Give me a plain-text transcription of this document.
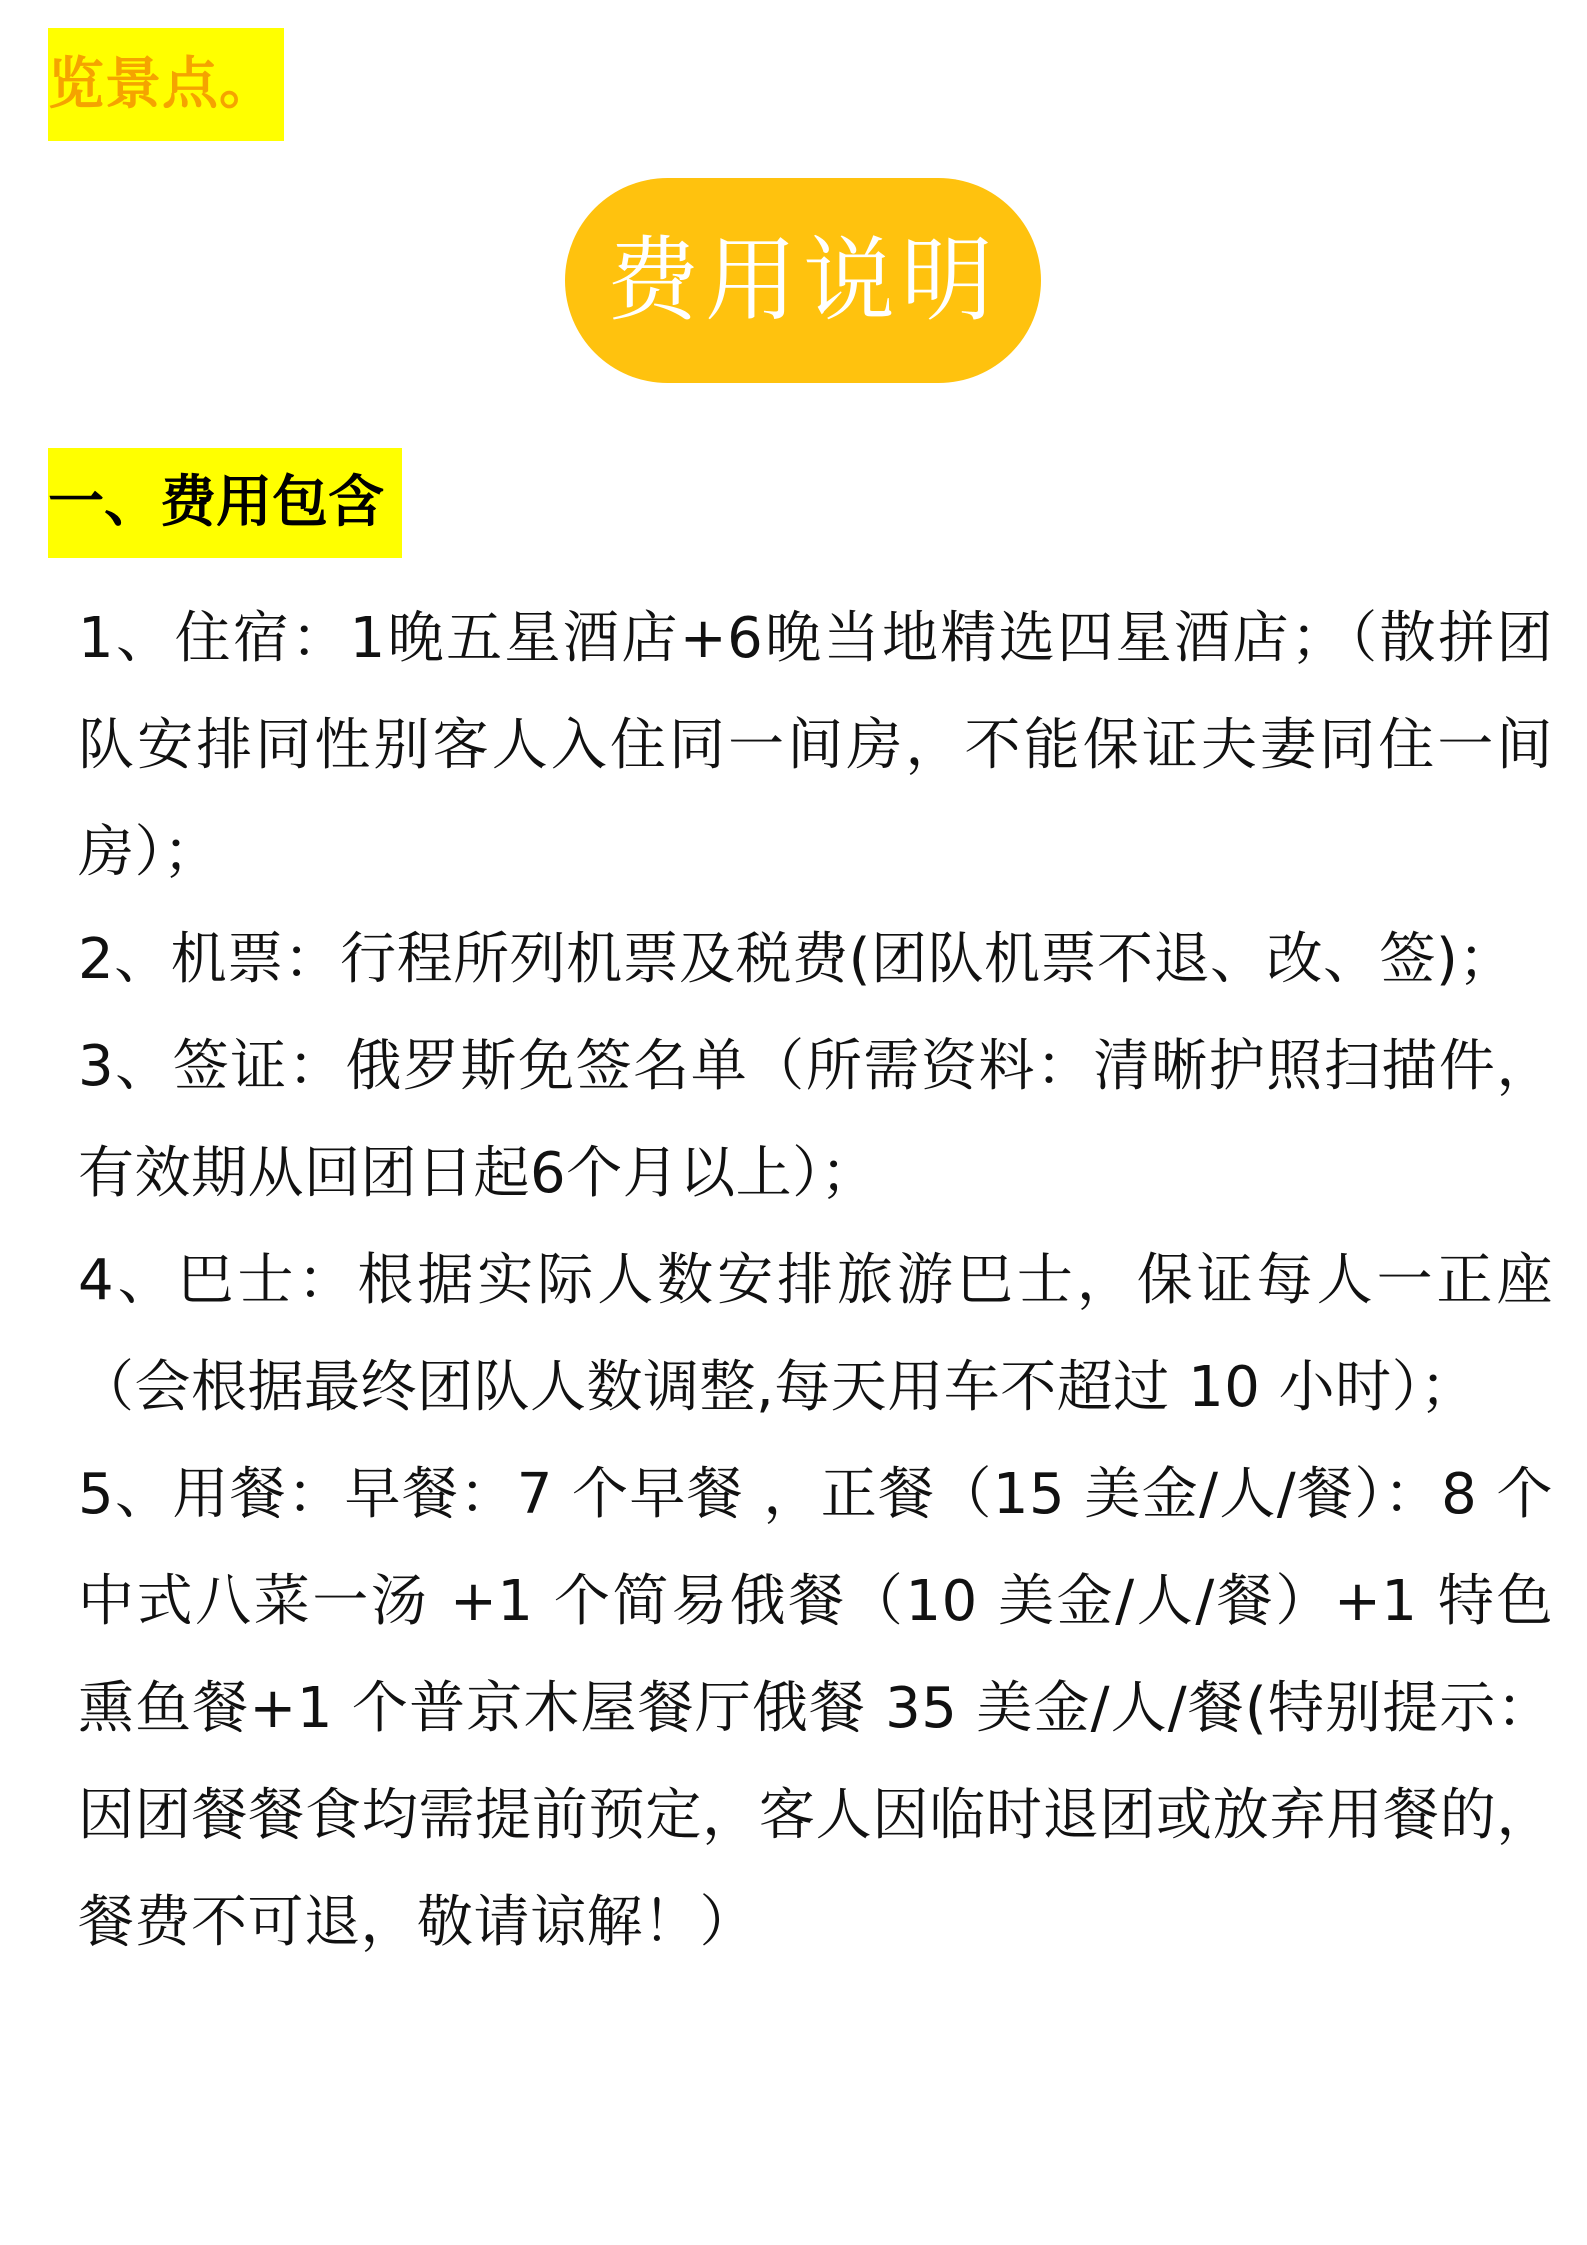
览景点。
费用说明
一、费用包含
1、住宿：1晚五星酒店+6晚当地精选四星酒店；（散拼团队安排同性别客人入住同一间房，不能保证夫妻同住一间房）；
2、机票：行程所列机票及税费(团队机票不退、改、签)；
3、签证：俄罗斯免签名单（所需资料：清晰护照扫描件，有效期从回团日起6个月以上）；
4、巴士：根据实际人数安排旅游巴士，保证每人一正座（会根据最终团队人数调整,每天用车不超过 10 小时）；
5、用餐：早餐：7 个早餐 ，正餐（15 美金/人/餐）：8 个中式八菜一汤 +1 个简易俄餐（10 美金/人/餐）+1 特色熏鱼餐+1 个普京木屋餐厅俄餐 35 美金/人/餐(特别提示：因团餐餐食均需提前预定，客人因临时退团或放弃用餐的，餐费不可退，敬请谅解！）
